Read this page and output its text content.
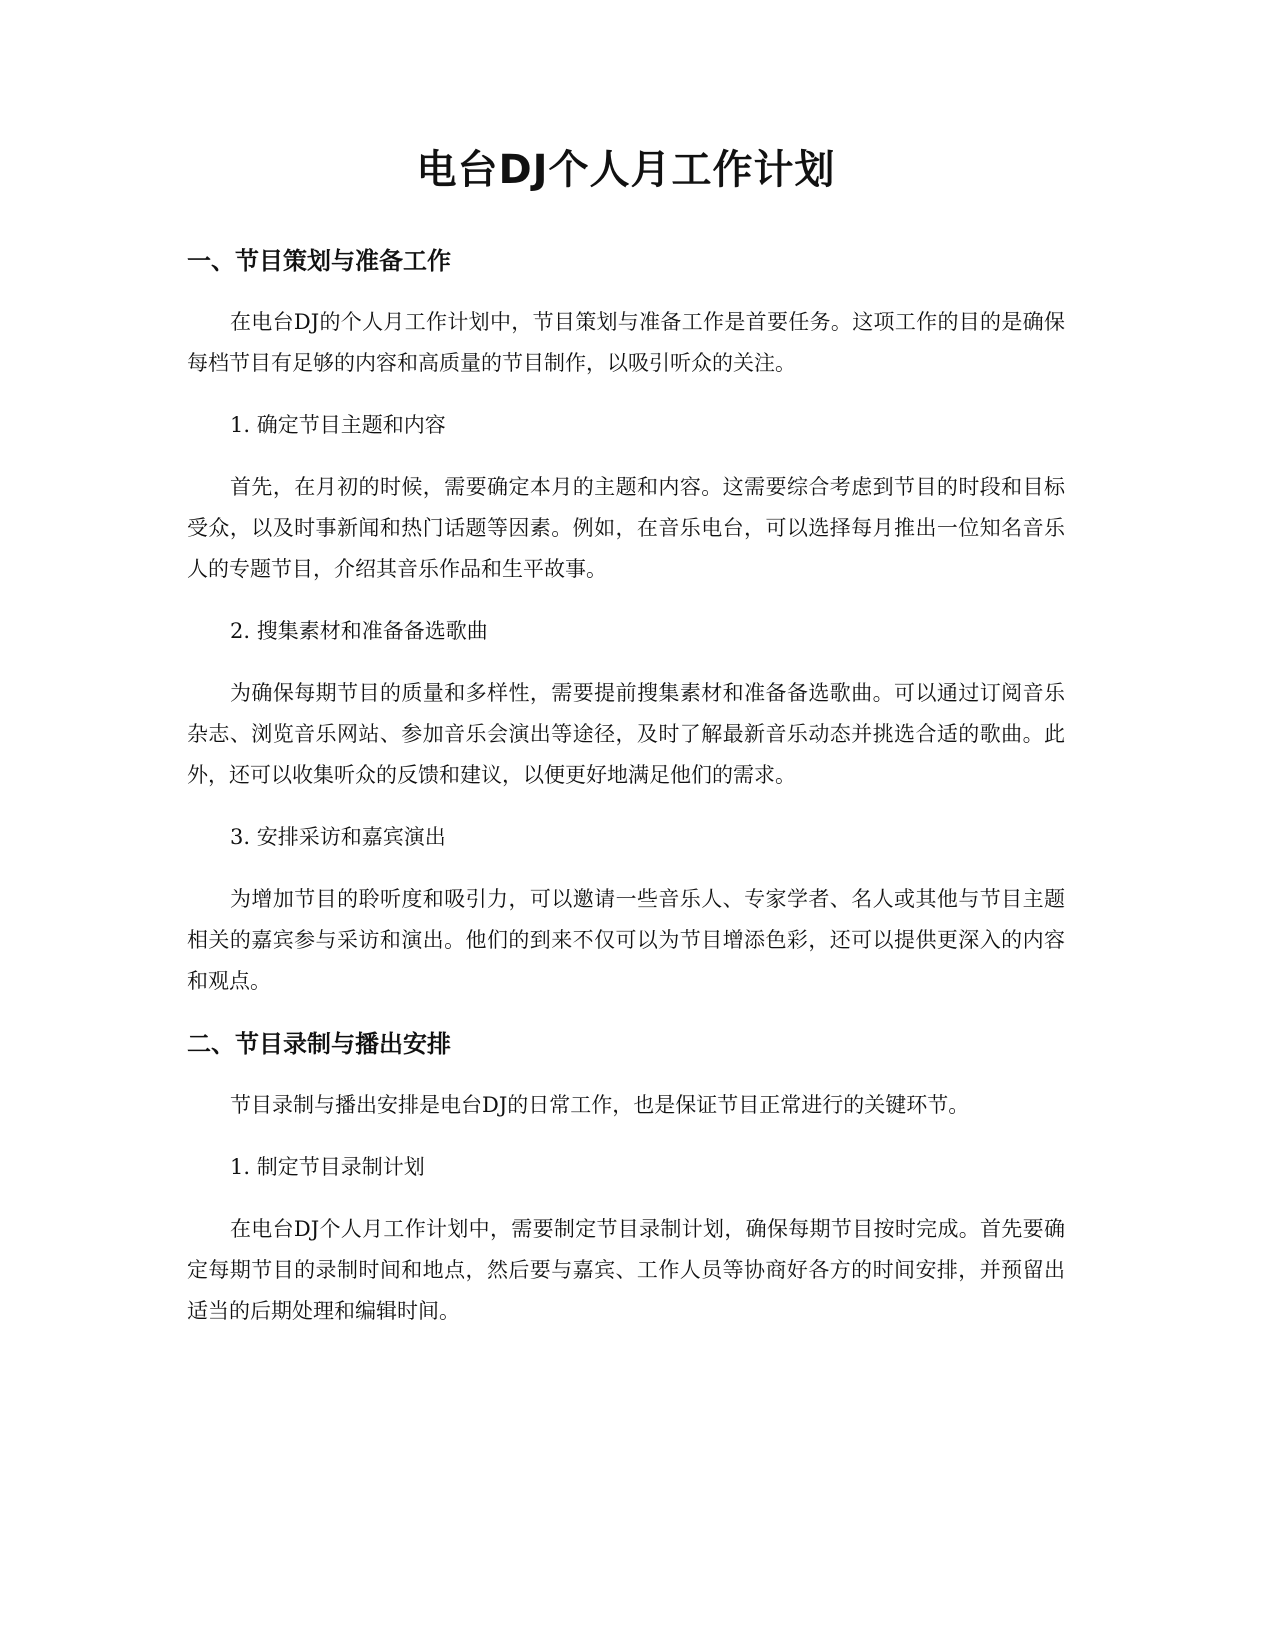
电台DJ个人月工作计划
一、节目策划与准备工作

在电台DJ的个人月工作计划中，节目策划与准备工作是首要任务。这项工作的目的是确保每档节目有足够的内容和高质量的节目制作，以吸引听众的关注。

1. 确定节目主题和内容

首先，在月初的时候，需要确定本月的主题和内容。这需要综合考虑到节目的时段和目标受众，以及时事新闻和热门话题等因素。例如，在音乐电台，可以选择每月推出一位知名音乐人的专题节目，介绍其音乐作品和生平故事。

2. 搜集素材和准备备选歌曲

为确保每期节目的质量和多样性，需要提前搜集素材和准备备选歌曲。可以通过订阅音乐杂志、浏览音乐网站、参加音乐会演出等途径，及时了解最新音乐动态并挑选合适的歌曲。此外，还可以收集听众的反馈和建议，以便更好地满足他们的需求。

3. 安排采访和嘉宾演出

为增加节目的聆听度和吸引力，可以邀请一些音乐人、专家学者、名人或其他与节目主题相关的嘉宾参与采访和演出。他们的到来不仅可以为节目增添色彩，还可以提供更深入的内容和观点。

二、节目录制与播出安排

节目录制与播出安排是电台DJ的日常工作，也是保证节目正常进行的关键环节。

1. 制定节目录制计划

在电台DJ个人月工作计划中，需要制定节目录制计划，确保每期节目按时完成。首先要确定每期节目的录制时间和地点，然后要与嘉宾、工作人员等协商好各方的时间安排，并预留出适当的后期处理和编辑时间。
